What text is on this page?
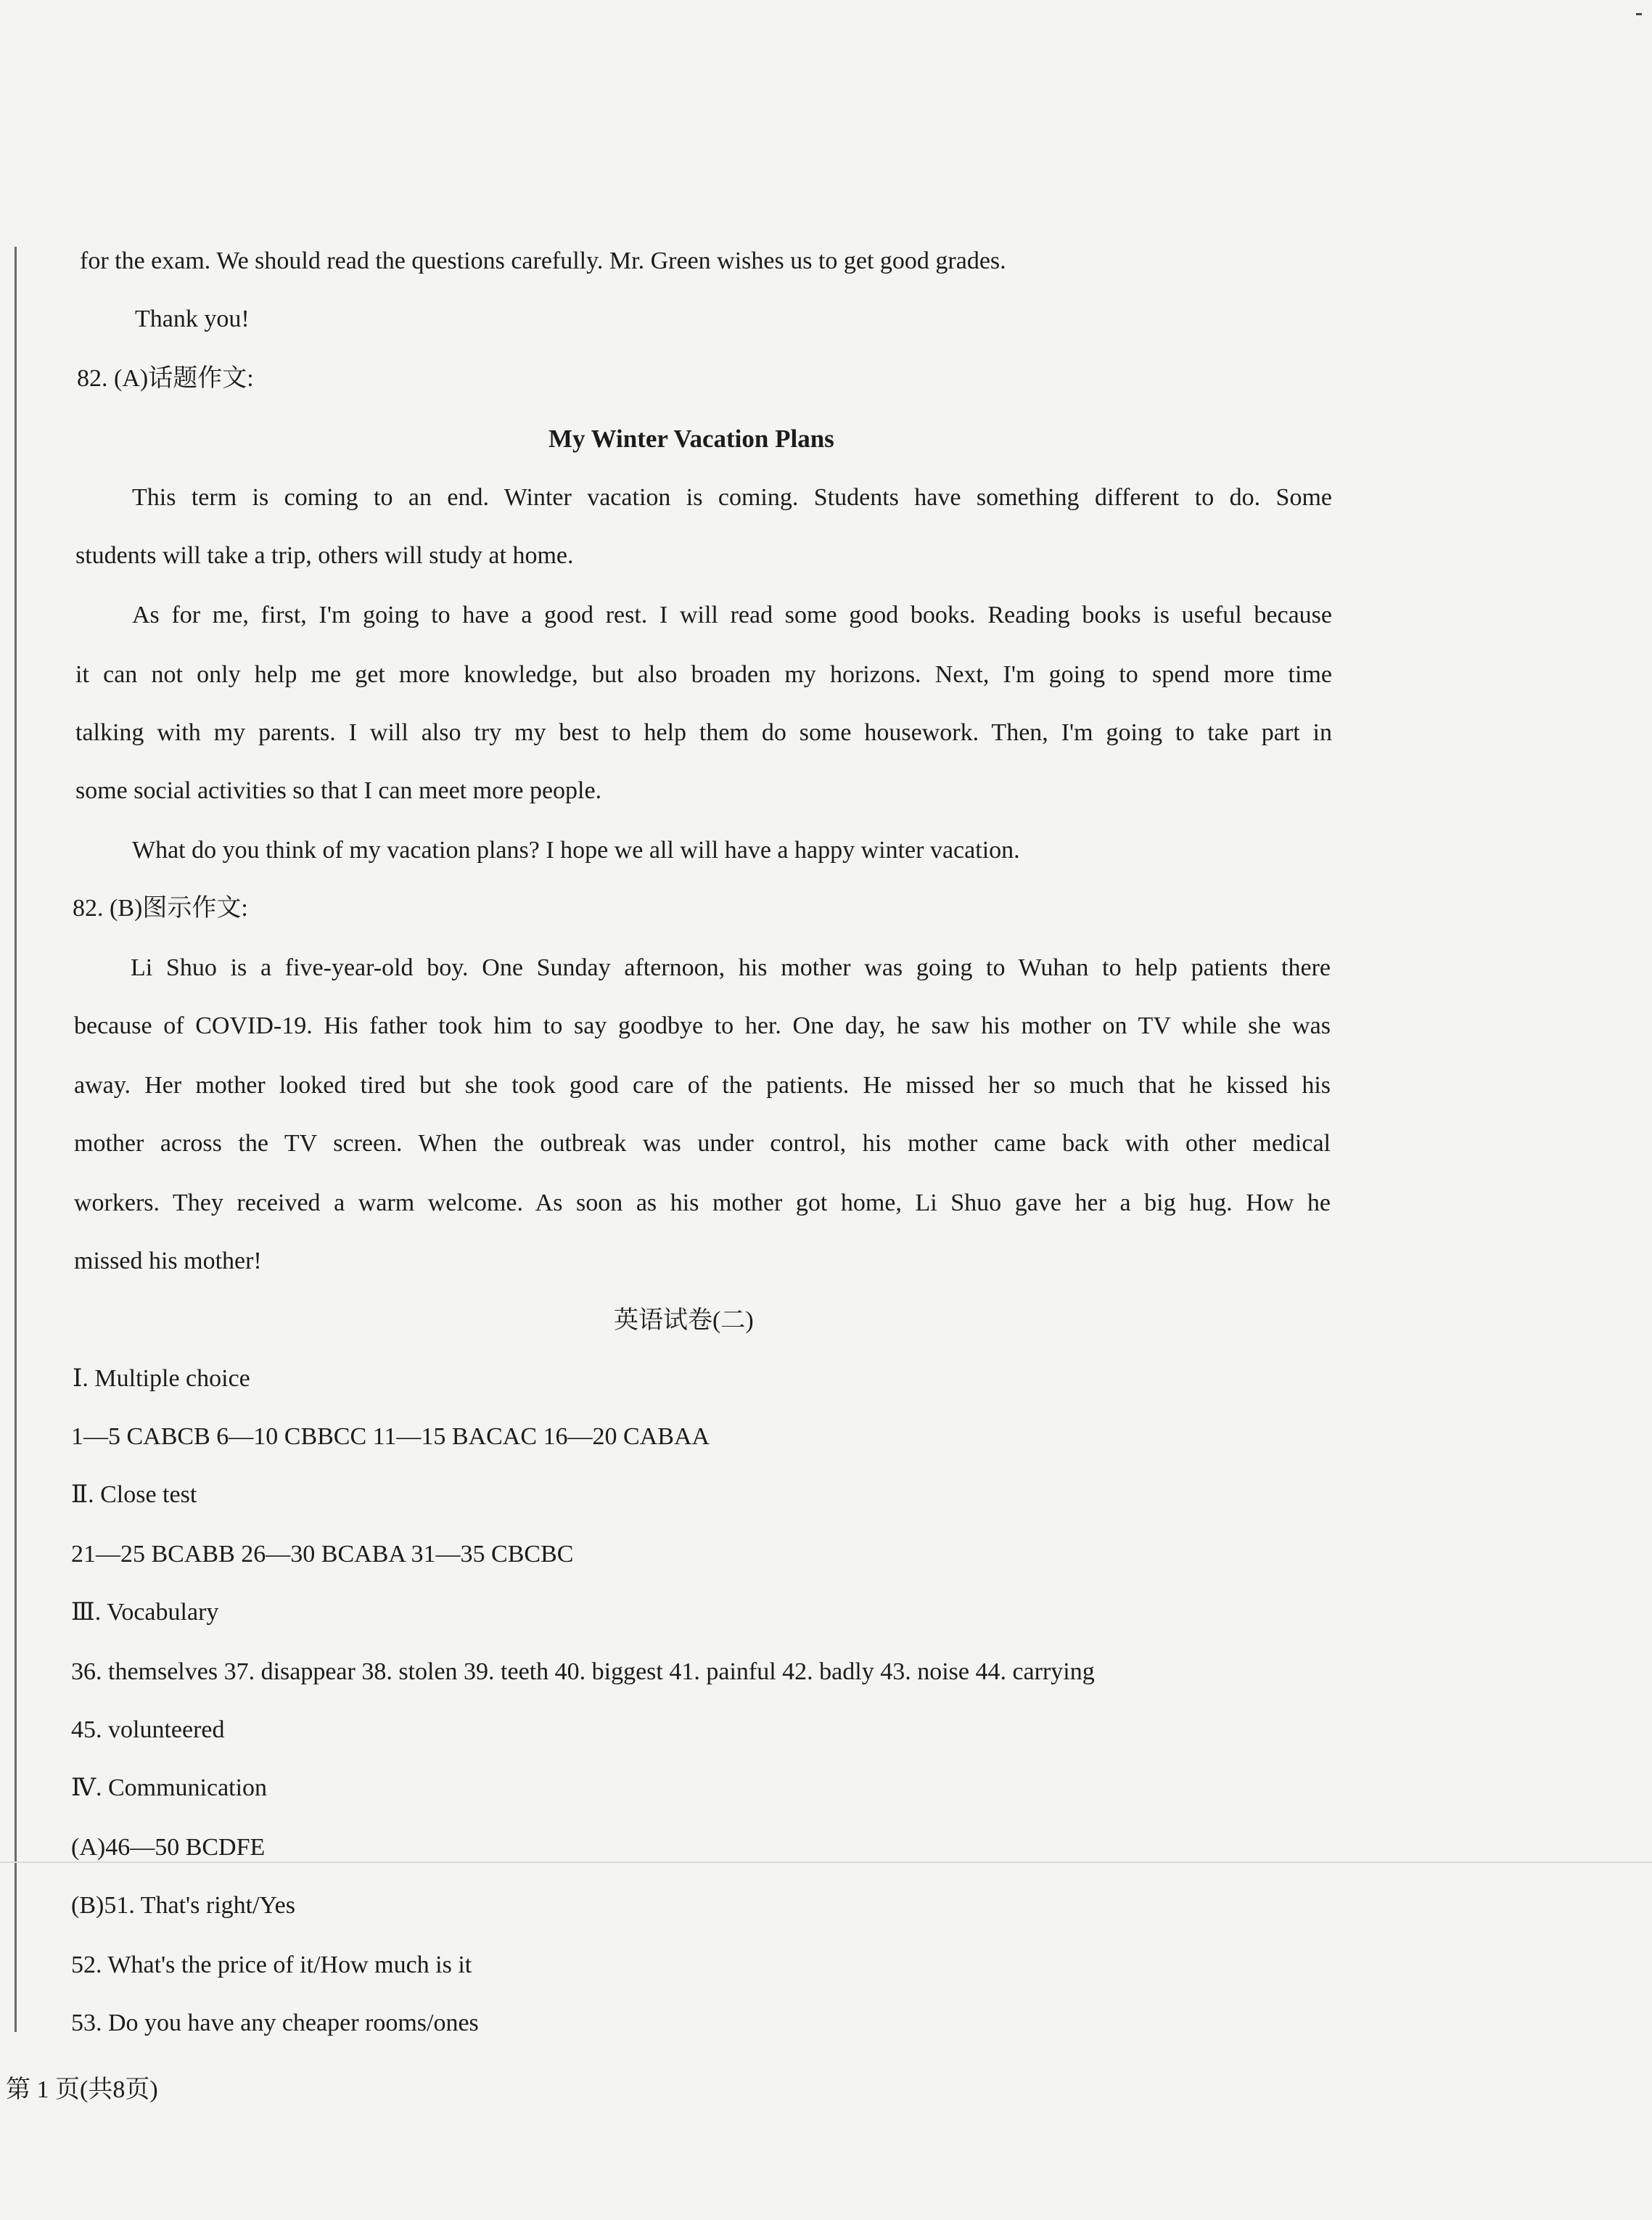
for the exam. We should read the questions carefully. Mr. Green wishes us to get good grades.
Thank you!
82. (A)话题作文:
My Winter Vacation Plans
This term is coming to an end. Winter vacation is coming. Students have something different to do. Some
students will take a trip, others will study at home.
As for me, first, I'm going to have a good rest. I will read some good books. Reading books is useful because
it can not only help me get more knowledge, but also broaden my horizons. Next, I'm going to spend more time
talking with my parents. I will also try my best to help them do some housework. Then, I'm going to take part in
some social activities so that I can meet more people.
What do you think of my vacation plans? I hope we all will have a happy winter vacation.
82. (B)图示作文:
Li Shuo is a five-year-old boy. One Sunday afternoon, his mother was going to Wuhan to help patients there
because of COVID-19. His father took him to say goodbye to her. One day, he saw his mother on TV while she was
away. Her mother looked tired but she took good care of the patients. He missed her so much that he kissed his
mother across the TV screen. When the outbreak was under control, his mother came back with other medical
workers. They received a warm welcome. As soon as his mother got home, Li Shuo gave her a big hug. How he
missed his mother!
英语试卷(二)
Ⅰ. Multiple choice
1—5 CABCB 6—10 CBBCC 11—15 BACAC 16—20 CABAA
Ⅱ. Close test
21—25 BCABB 26—30 BCABA 31—35 CBCBC
Ⅲ. Vocabulary
36. themselves 37. disappear 38. stolen 39. teeth 40. biggest 41. painful 42. badly 43. noise 44. carrying
45. volunteered
Ⅳ. Communication
(A)46—50 BCDFE
(B)51. That's right/Yes
52. What's the price of it/How much is it
53. Do you have any cheaper rooms/ones
第 1 页(共8页)
